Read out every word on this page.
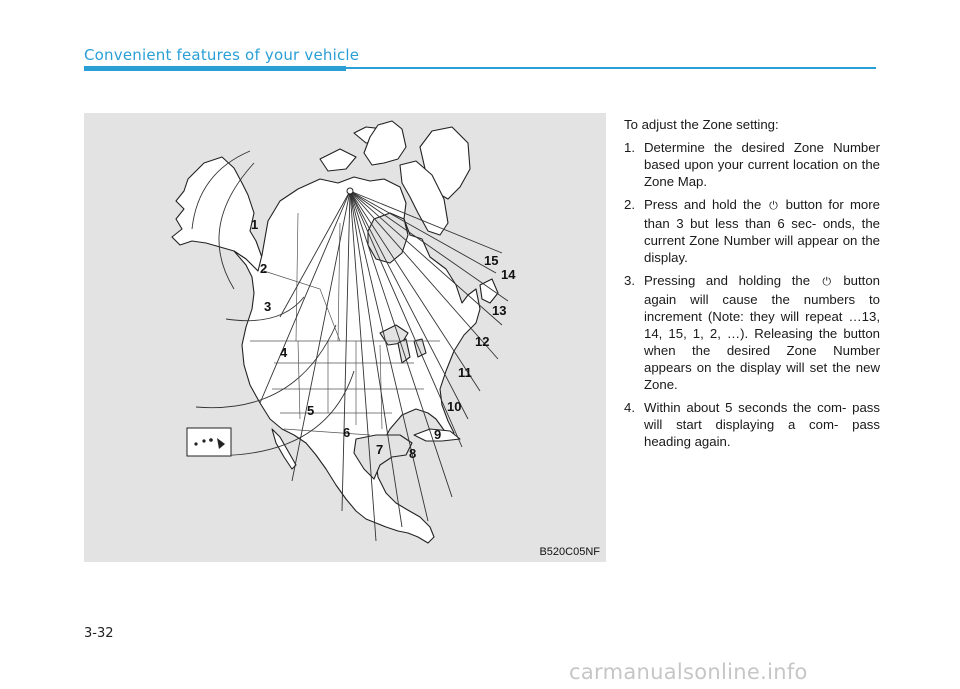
Convenient features of your vehicle
1
2
3
4
5
6
7 8
9
10
11
12
13
14
15
B520C05NF

To adjust the Zone setting:

1. Determine the desired Zone Number based upon your current location on the Zone Map.
2. Press and hold the ⏻ button for more than 3 but less than 6 sec- onds, the current Zone Number will appear on the display.
3. Pressing and holding the ⏻ button again will cause the numbers to increment (Note: they will repeat …13, 14, 15, 1, 2, …). Releasing the button when the desired Zone Number appears on the display will set the new Zone.
4. Within about 5 seconds the com- pass will start displaying a com- pass heading again.
3-32
carmanualsonline.info
